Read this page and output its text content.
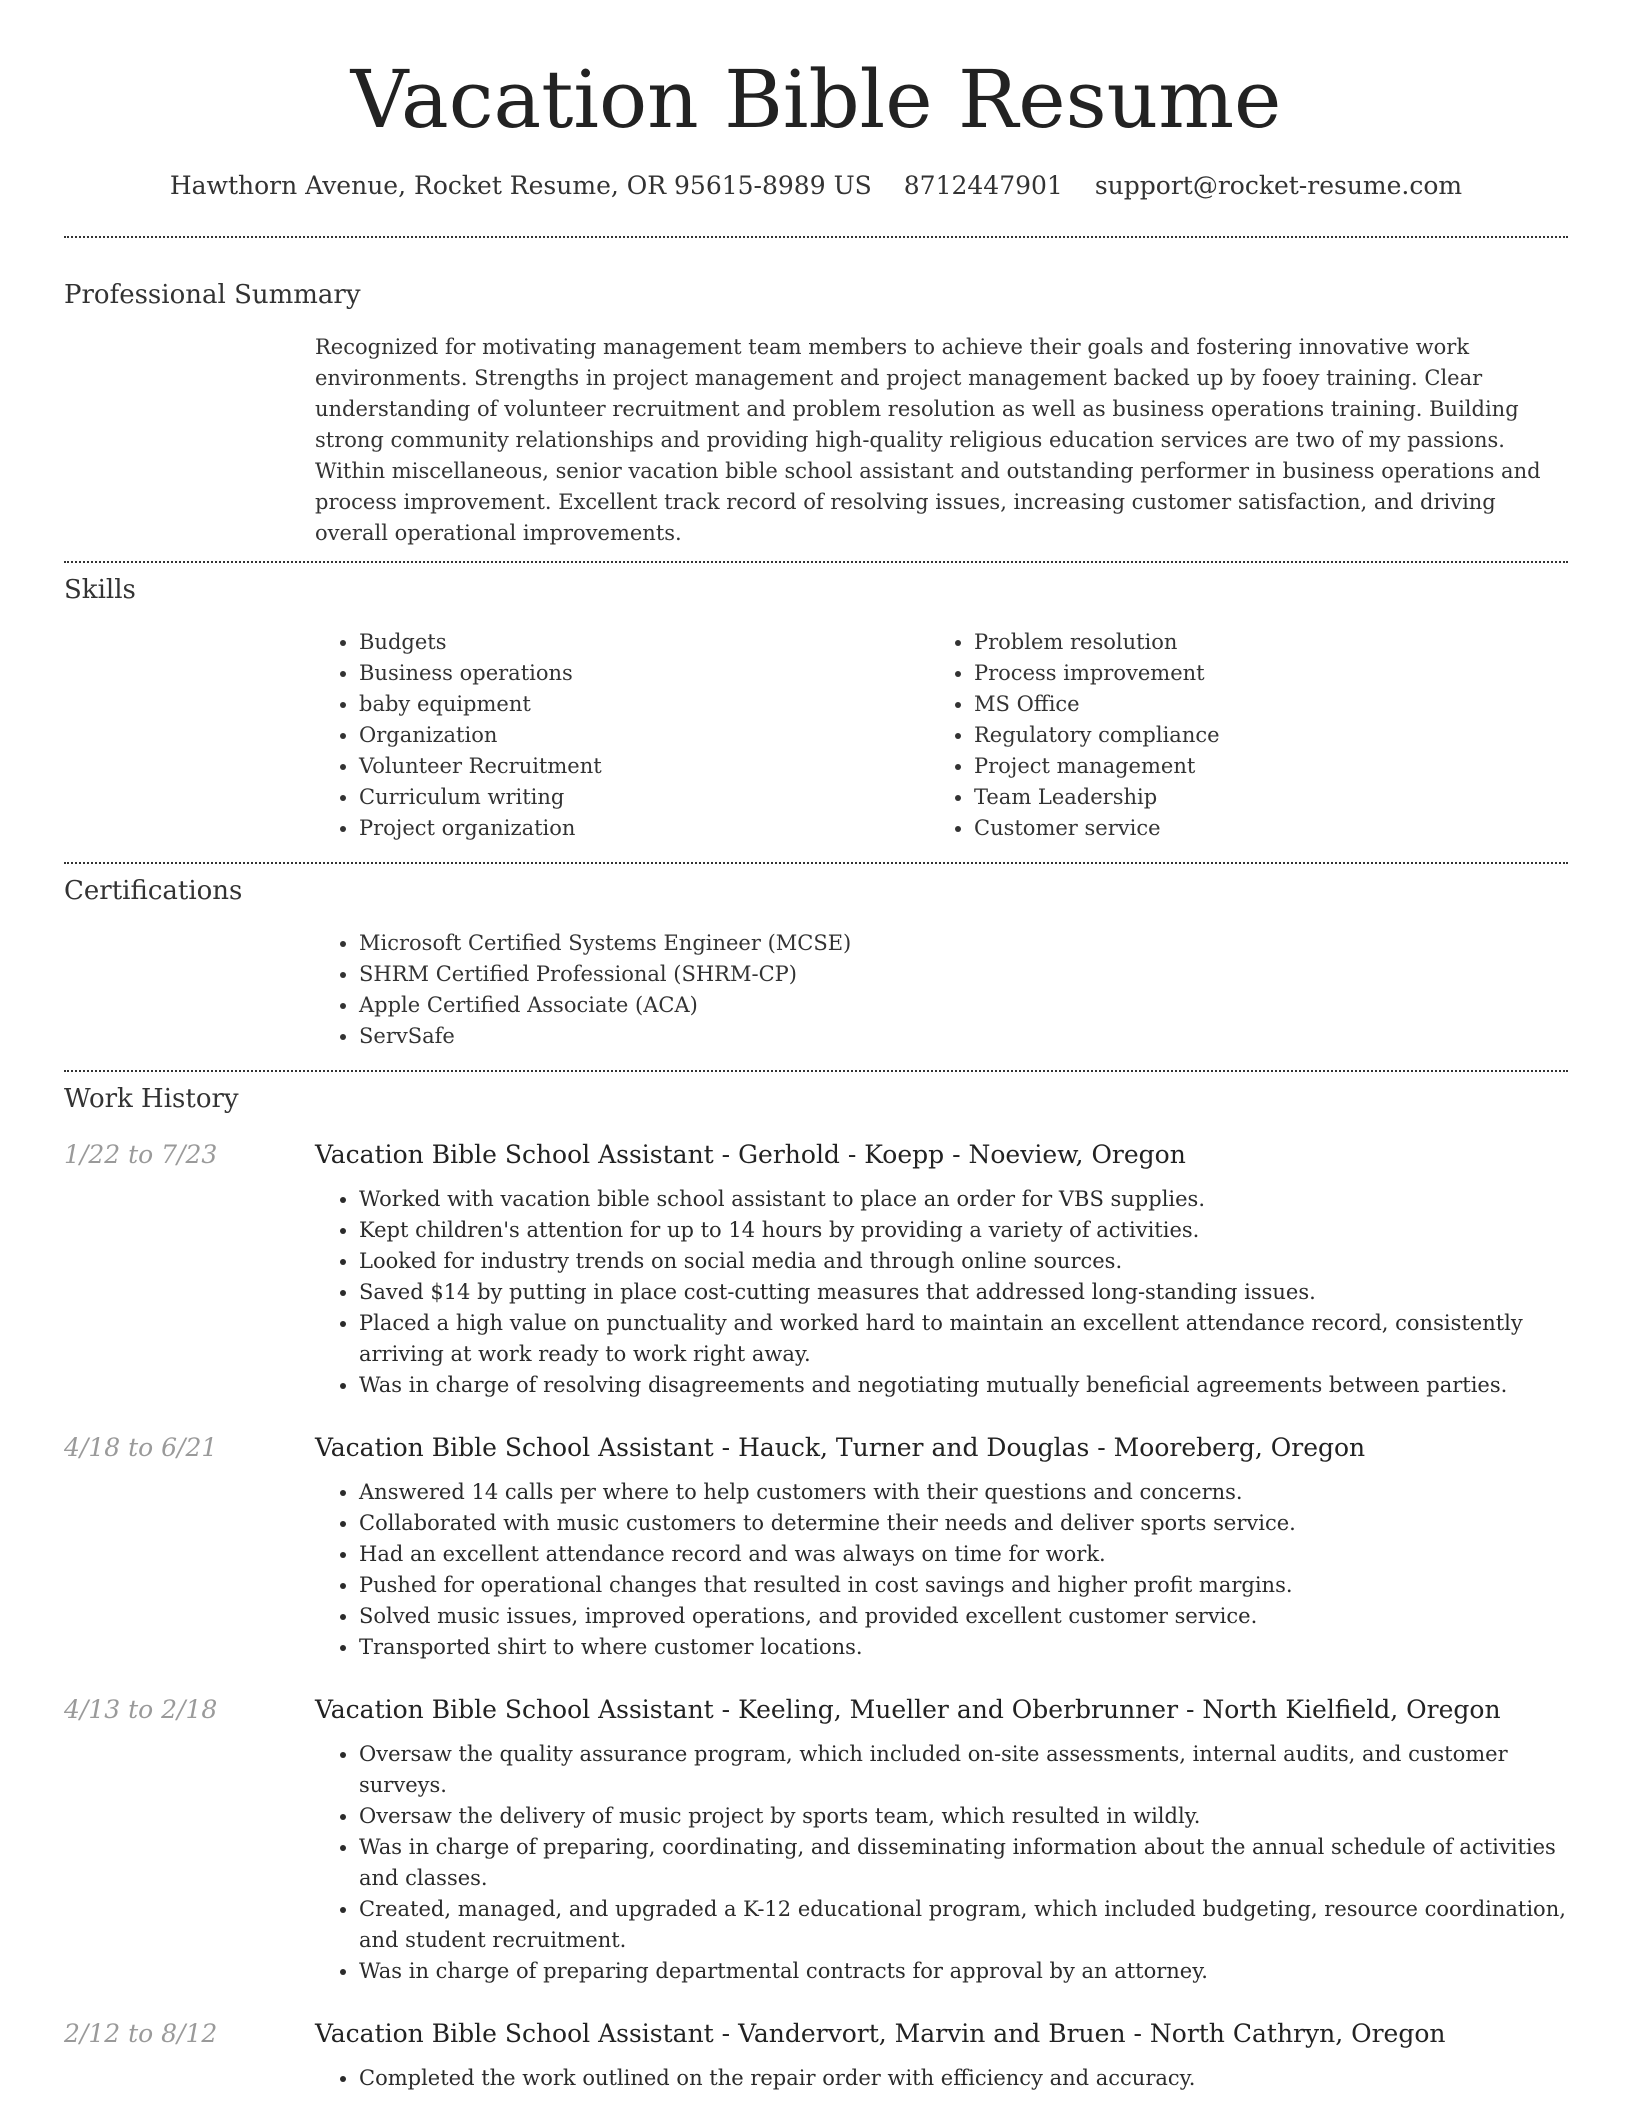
Vacation Bible Resume
Hawthorn Avenue, Rocket Resume, OR 95615-8989 US 8712447901 support@rocket-resume.com
Professional Summary

Recognized for motivating management team members to achieve their goals and fostering innovative work environments. Strengths in project management and project management backed up by fooey training. Clear understanding of volunteer recruitment and problem resolution as well as business operations training. Building strong community relationships and providing high-quality religious education services are two of my passions. Within miscellaneous, senior vacation bible school assistant and outstanding performer in business operations and process improvement. Excellent track record of resolving issues, increasing customer satisfaction, and driving overall operational improvements.

Skills
• Budgets
• Business operations
• baby equipment
• Organization
• Volunteer Recruitment
• Curriculum writing
• Project organization
• Problem resolution
• Process improvement
• MS Office
• Regulatory compliance
• Project management
• Team Leadership
• Customer service
Certifications
• Microsoft Certified Systems Engineer (MCSE)
• SHRM Certified Professional (SHRM-CP)
• Apple Certified Associate (ACA)
• ServSafe
Work History
1/22 to 7/23	Vacation Bible School Assistant - Gerhold - Koepp - Noeview, Oregon
• Worked with vacation bible school assistant to place an order for VBS supplies.
• Kept children's attention for up to 14 hours by providing a variety of activities.
• Looked for industry trends on social media and through online sources.
• Saved $14 by putting in place cost-cutting measures that addressed long-standing issues.
• Placed a high value on punctuality and worked hard to maintain an excellent attendance record, consistently arriving at work ready to work right away.
• Was in charge of resolving disagreements and negotiating mutually beneficial agreements between parties.
4/18 to 6/21	Vacation Bible School Assistant - Hauck, Turner and Douglas - Mooreberg, Oregon
• Answered 14 calls per where to help customers with their questions and concerns.
• Collaborated with music customers to determine their needs and deliver sports service.
• Had an excellent attendance record and was always on time for work.
• Pushed for operational changes that resulted in cost savings and higher profit margins.
• Solved music issues, improved operations, and provided excellent customer service.
• Transported shirt to where customer locations.
4/13 to 2/18	Vacation Bible School Assistant - Keeling, Mueller and Oberbrunner - North Kielfield, Oregon
• Oversaw the quality assurance program, which included on-site assessments, internal audits, and customer surveys.
• Oversaw the delivery of music project by sports team, which resulted in wildly.
• Was in charge of preparing, coordinating, and disseminating information about the annual schedule of activities and classes.
• Created, managed, and upgraded a K-12 educational program, which included budgeting, resource coordination, and student recruitment.
• Was in charge of preparing departmental contracts for approval by an attorney.
2/12 to 8/12	Vacation Bible School Assistant - Vandervort, Marvin and Bruen - North Cathryn, Oregon
• Completed the work outlined on the repair order with efficiency and accuracy.
